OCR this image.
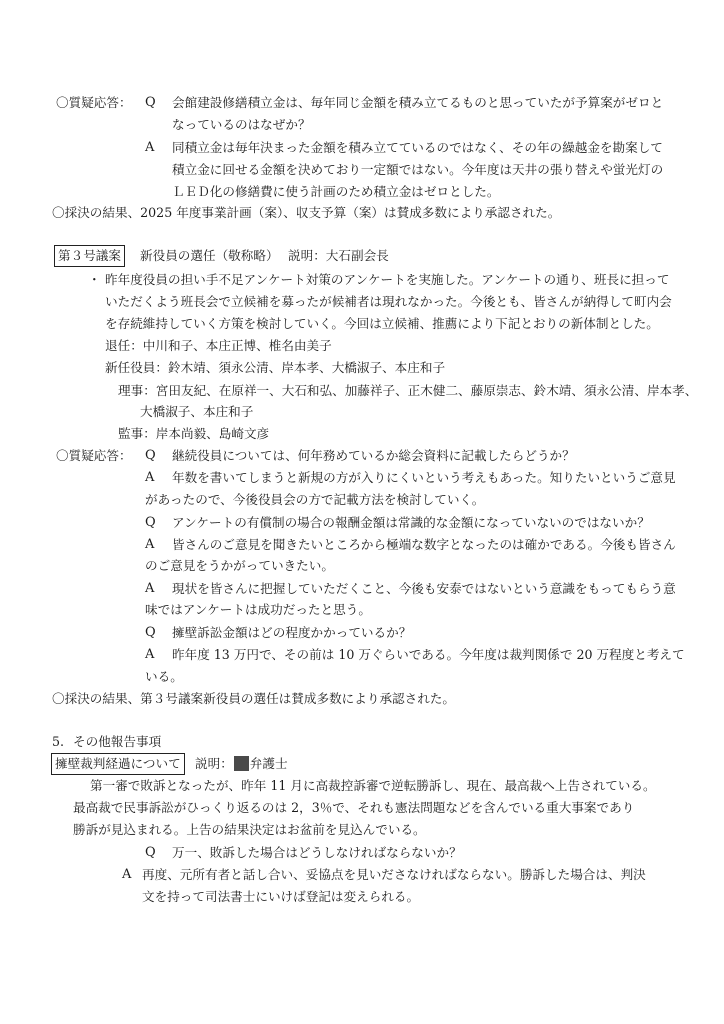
〇質疑応答： Q 会館建設修繕積立金は、毎年同じ金額を積み立てるものと思っていたが予算案がゼロと
なっているのはなぜか？
A 同積立金は毎年決まった金額を積み立てているのではなく、その年の繰越金を勘案して
積立金に回せる金額を決めており一定額ではない。今年度は天井の張り替えや蛍光灯の
ＬＥＤ化の修繕費に使う計画のため積立金はゼロとした。
〇採決の結果、2025 年度事業計画（案）、収支予算（案）は賛成多数により承認された。
第３号議案	新役員の選任（敬称略） 説明：大石副会長
・ 昨年度役員の担い手不足アンケート対策のアンケートを実施した。アンケートの通り、班長に担って
いただくよう班長会で立候補を募ったが候補者は現れなかった。今後とも、皆さんが納得して町内会
を存続維持していく方策を検討していく。今回は立候補、推薦により下記とおりの新体制とした。
退任：中川和子、本庄正博、椎名由美子
新任役員：鈴木靖、須永公清、岸本孝、大橋淑子、本庄和子
理事：宮田友紀、在原祥一、大石和弘、加藤祥子、正木健二、藤原崇志、鈴木靖、須永公清、岸本孝、
大橋淑子、本庄和子
監事：岸本尚毅、島崎文彦
〇質疑応答： Q 継続役員については、何年務めているか総会資料に記載したらどうか？
A 年数を書いてしまうと新規の方が入りにくいという考えもあった。知りたいというご意見
があったので、今後役員会の方で記載方法を検討していく。
Q アンケートの有償制の場合の報酬金額は常識的な金額になっていないのではないか？
A 皆さんのご意見を聞きたいところから極端な数字となったのは確かである。今後も皆さん
のご意見をうかがっていきたい。
A 現状を皆さんに把握していただくこと、今後も安泰ではないという意識をもってもらう意
味ではアンケートは成功だったと思う。
Q 擁壁訴訟金額はどの程度かかっているか？
A 昨年度 13 万円で、その前は 10 万ぐらいである。今年度は裁判関係で 20 万程度と考えて
いる。
〇採決の結果、第３号議案新役員の選任は賛成多数により承認された。
5. その他報告事項
擁壁裁判経過について	説明： 弁護士
第一審で敗訴となったが、昨年 11 月に高裁控訴審で逆転勝訴し、現在、最高裁へ上告されている。
最高裁で民事訴訟がひっくり返るのは 2，3％で、それも憲法問題などを含んでいる重大事案であり
勝訴が見込まれる。上告の結果決定はお盆前を見込んでいる。
Q 万一、敗訴した場合はどうしなければならないか？
A 再度、元所有者と話し合い、妥協点を見いださなければならない。勝訴した場合は、判決
文を持って司法書士にいけば登記は変えられる。
